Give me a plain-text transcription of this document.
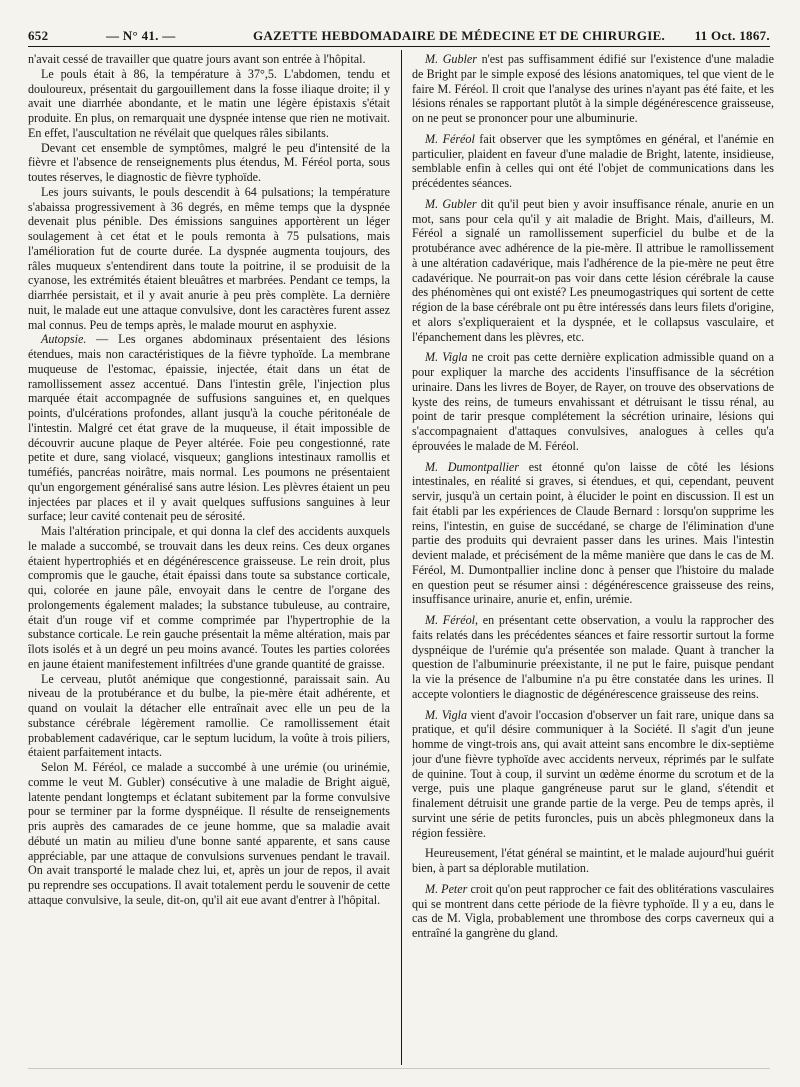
652	— N° 41. —	GAZETTE HEBDOMADAIRE DE MÉDECINE ET DE CHIRURGIE. 11 Oct. 1867.

n'avait cessé de travailler que quatre jours avant son entrée à l'hôpital.

Le pouls était à 86, la température à 37°,5. L'abdomen, tendu et douloureux, présentait du gargouillement dans la fosse iliaque droite; il y avait une diarrhée abondante, et le matin une légère épistaxis s'était produite. En plus, on remarquait une dyspnée intense que rien ne motivait. En effet, l'auscultation ne révélait que quelques râles sibilants.

Devant cet ensemble de symptômes, malgré le peu d'intensité de la fièvre et l'absence de renseignements plus étendus, M. Féréol porta, sous toutes réserves, le diagnostic de fièvre typhoïde.

Les jours suivants, le pouls descendit à 64 pulsations; la température s'abaissa progressivement à 36 degrés, en même temps que la dyspnée devenait plus pénible. Des émissions sanguines apportèrent un léger soulagement à cet état et le pouls remonta à 75 pulsations, mais l'amélioration fut de courte durée. La dyspnée augmenta toujours, des râles muqueux s'entendirent dans toute la poitrine, il se produisit de la cyanose, les extrémités étaient bleuâtres et marbrées. Pendant ce temps, la diarrhée persistait, et il y avait anurie à peu près complète. La dernière nuit, le malade eut une attaque convulsive, dont les caractères furent assez mal connus. Peu de temps après, le malade mourut en asphyxie.

Autopsie. — Les organes abdominaux présentaient des lésions étendues, mais non caractéristiques de la fièvre typhoïde. La membrane muqueuse de l'estomac, épaissie, injectée, était dans un état de ramollissement assez accentué. Dans l'intestin grêle, l'injection plus marquée était accompagnée de suffusions sanguines et, en quelques points, d'ulcérations profondes, allant jusqu'à la couche péritonéale de l'intestin. Malgré cet état grave de la muqueuse, il était impossible de découvrir aucune plaque de Peyer altérée. Foie peu congestionné, rate petite et dure, sang violacé, visqueux; ganglions intestinaux ramollis et tuméfiés, pancréas noirâtre, mais normal. Les poumons ne présentaient qu'un engorgement généralisé sans autre lésion. Les plèvres étaient un peu injectées par places et il y avait quelques suffusions sanguines à leur surface; leur cavité contenait peu de sérosité.

Mais l'altération principale, et qui donna la clef des accidents auxquels le malade a succombé, se trouvait dans les deux reins. Ces deux organes étaient hypertrophiés et en dégénérescence graisseuse. Le rein droit, plus compromis que le gauche, était épaissi dans toute sa substance corticale, qui, colorée en jaune pâle, envoyait dans le centre de l'organe des prolongements également malades; la substance tubuleuse, au contraire, était d'un rouge vif et comme comprimée par l'hypertrophie de la substance corticale. Le rein gauche présentait la même altération, mais par îlots isolés et à un degré un peu moins avancé. Toutes les parties colorées en jaune étaient manifestement infiltrées d'une grande quantité de graisse.

Le cerveau, plutôt anémique que congestionné, paraissait sain. Au niveau de la protubérance et du bulbe, la pie-mère était adhérente, et quand on voulait la détacher elle entraînait avec elle un peu de la substance cérébrale légèrement ramollie. Ce ramollissement était probablement cadavérique, car le septum lucidum, la voûte à trois piliers, étaient parfaitement intacts.

Selon M. Féréol, ce malade a succombé à une urémie (ou urinémie, comme le veut M. Gubler) consécutive à une maladie de Bright aiguë, latente pendant longtemps et éclatant subitement par la forme convulsive pour se terminer par la forme dyspnéique. Il résulte de renseignements pris auprès des camarades de ce jeune homme, que sa maladie avait débuté un matin au milieu d'une bonne santé apparente, et sans cause appréciable, par une attaque de convulsions survenues pendant le travail. On avait transporté le malade chez lui, et, après un jour de repos, il avait pu reprendre ses occupations. Il avait totalement perdu le souvenir de cette attaque convulsive, la seule, dit-on, qu'il ait eue avant d'entrer à l'hôpital.

M. Gubler n'est pas suffisamment édifié sur l'existence d'une maladie de Bright par le simple exposé des lésions anatomiques, tel que vient de le faire M. Féréol. Il croit que l'analyse des urines n'ayant pas été faite, et les lésions rénales se rapportant plutôt à la simple dégénérescence graisseuse, on ne peut se prononcer pour une albuminurie.

M. Féréol fait observer que les symptômes en général, et l'anémie en particulier, plaident en faveur d'une maladie de Bright, latente, insidieuse, semblable enfin à celles qui ont été l'objet de communications dans les précédentes séances.

M. Gubler dit qu'il peut bien y avoir insuffisance rénale, anurie en un mot, sans pour cela qu'il y ait maladie de Bright. Mais, d'ailleurs, M. Féréol a signalé un ramollissement superficiel du bulbe et de la protubérance avec adhérence de la pie-mère. Il attribue le ramollissement à une altération cadavérique, mais l'adhérence de la pie-mère ne peut être cadavérique. Ne pourrait-on pas voir dans cette lésion cérébrale la cause des phénomènes qui ont existé? Les pneumogastriques qui sortent de cette région de la base cérébrale ont pu être intéressés dans leurs filets d'origine, et alors s'expliqueraient et la dyspnée, et le collapsus vasculaire, et l'épanchement dans les plèvres, etc.

M. Vigla ne croit pas cette dernière explication admissible quand on a pour expliquer la marche des accidents l'insuffisance de la sécrétion urinaire. Dans les livres de Boyer, de Rayer, on trouve des observations de kyste des reins, de tumeurs envahissant et détruisant le tissu rénal, au point de tarir presque complétement la sécrétion urinaire, lésions qui s'accompagnaient d'attaques convulsives, analogues à celles qu'a éprouvées le malade de M. Féréol.

M. Dumontpallier est étonné qu'on laisse de côté les lésions intestinales, en réalité si graves, si étendues, et qui, cependant, peuvent servir, jusqu'à un certain point, à élucider le point en discussion. Il est un fait établi par les expériences de Claude Bernard : lorsqu'on supprime les reins, l'intestin, en guise de succédané, se charge de l'élimination d'une partie des produits qui devraient passer dans les urines. Mais l'intestin devient malade, et précisément de la même manière que dans le cas de M. Féréol, M. Dumontpallier incline donc à penser que l'histoire du malade en question peut se résumer ainsi : dégénérescence graisseuse des reins, insuffisance urinaire, anurie et, enfin, urémie.

M. Féréol, en présentant cette observation, a voulu la rapprocher des faits relatés dans les précédentes séances et faire ressortir surtout la forme dyspnéique de l'urémie qu'a présentée son malade. Quant à trancher la question de l'albuminurie préexistante, il ne put le faire, puisque pendant la vie la présence de l'albumine n'a pu être constatée dans les urines. Il accepte volontiers le diagnostic de dégénérescence graisseuse des reins.

M. Vigla vient d'avoir l'occasion d'observer un fait rare, unique dans sa pratique, et qu'il désire communiquer à la Société. Il s'agit d'un jeune homme de vingt-trois ans, qui avait atteint sans encombre le dix-septième jour d'une fièvre typhoïde avec accidents nerveux, réprimés par le sulfate de quinine. Tout à coup, il survint un œdème énorme du scrotum et de la verge, puis une plaque gangréneuse parut sur le gland, s'étendit et finalement détruisit une grande partie de la verge. Peu de temps après, il survint une série de petits furoncles, puis un abcès phlegmoneux dans la région fessière.

Heureusement, l'état général se maintint, et le malade aujourd'hui guérit bien, à part sa déplorable mutilation.

M. Peter croit qu'on peut rapprocher ce fait des oblitérations vasculaires qui se montrent dans cette période de la fièvre typhoïde. Il y a eu, dans le cas de M. Vigla, probablement une thrombose des corps caverneux qui a entraîné la gangrène du gland.
